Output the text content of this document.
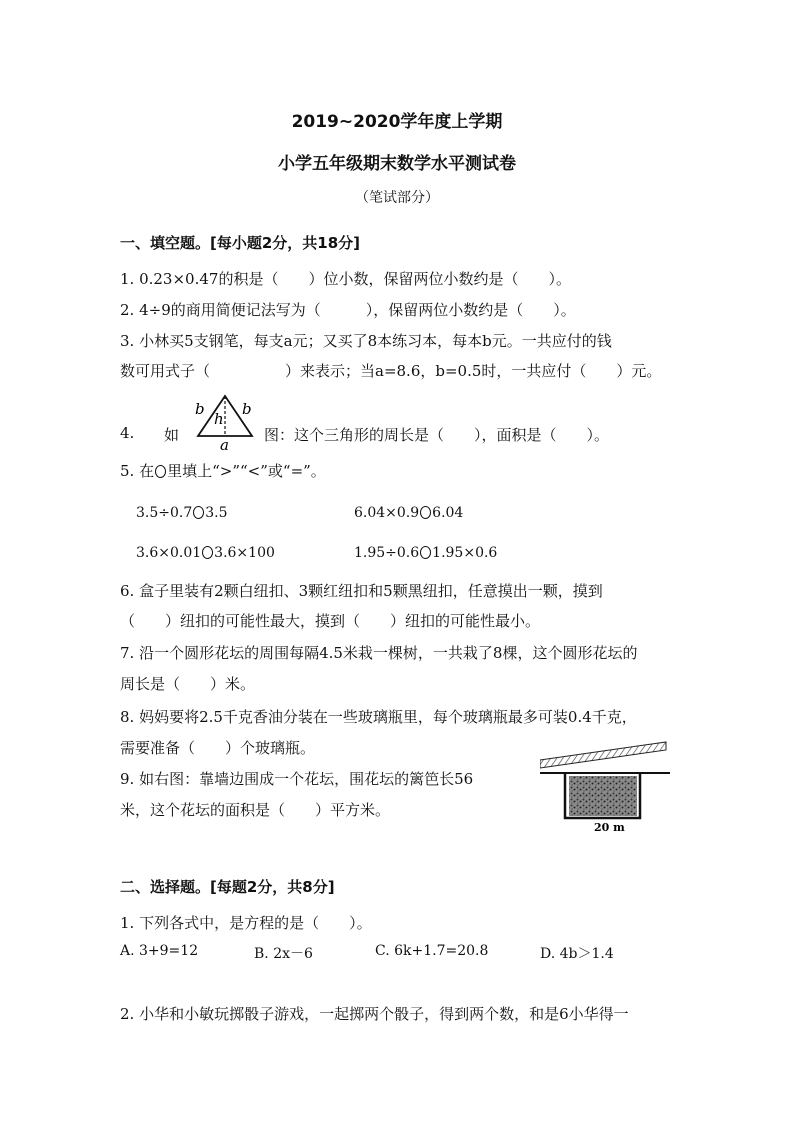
2019~2020学年度上学期
小学五年级期末数学水平测试卷
（笔试部分）
一、填空题。[每小题2分，共18分]
1. 0.23×0.47的积是（　　）位小数，保留两位小数约是（　　）。
2. 4÷9的商用简便记法写为（　　　），保留两位小数约是（　　）。
3. 小林买5支钢笔，每支a元；又买了8本练习本，每本b元。一共应付的钱
数可用式子（　　　　　）来表示；当a=8.6，b=0.5时，一共应付（　　）元。
4. 如
b b
h
a
图：这个三角形的周长是（　　），面积是（　　）。
5. 在 里填上“>”“<”或“=”。
3.5÷0.7 3.5	6.04×0.9 6.04
3.6×0.01 3.6×100	1.95÷0.6 1.95×0.6
6. 盒子里装有2颗白纽扣、3颗红纽扣和5颗黑纽扣，任意摸出一颗，摸到
（　　）纽扣的可能性最大，摸到（　　）纽扣的可能性最小。
7. 沿一个圆形花坛的周围每隔4.5米栽一棵树，一共栽了8棵，这个圆形花坛的
周长是（　　）米。
8. 妈妈要将2.5千克香油分装在一些玻璃瓶里，每个玻璃瓶最多可装0.4千克，
需要准备（　　）个玻璃瓶。
9. 如右图：靠墙边围成一个花坛，围花坛的篱笆长56
米，这个花坛的面积是（　　）平方米。
20 m
二、选择题。[每题2分，共8分]
1. 下列各式中，是方程的是（　　）。
A. 3+9=12	B. 2x－6	C. 6k+1.7=20.8	D. 4b＞1.4
2. 小华和小敏玩掷骰子游戏，一起掷两个骰子，得到两个数，和是6小华得一
